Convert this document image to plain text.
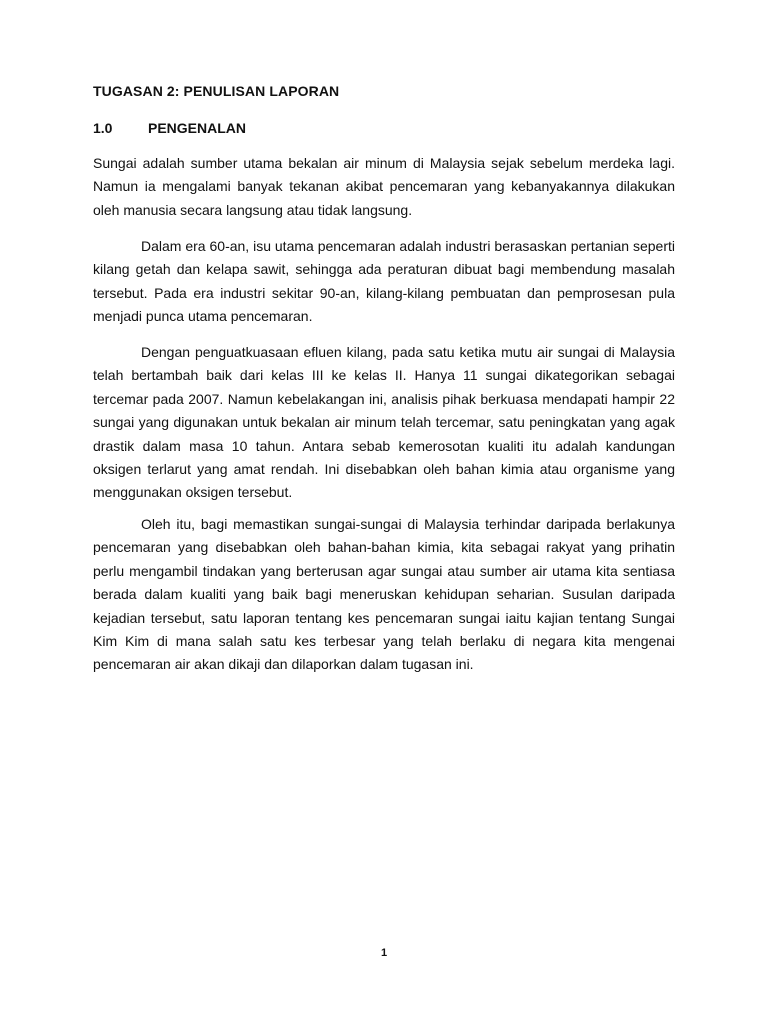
TUGASAN 2: PENULISAN LAPORAN
1.0	PENGENALAN

Sungai adalah sumber utama bekalan air minum di Malaysia sejak sebelum merdeka lagi. Namun ia mengalami banyak tekanan akibat pencemaran yang kebanyakannya dilakukan oleh manusia secara langsung atau tidak langsung.

Dalam era 60-an, isu utama pencemaran adalah industri berasaskan pertanian seperti kilang getah dan kelapa sawit, sehingga ada peraturan dibuat bagi membendung masalah tersebut. Pada era industri sekitar 90-an, kilang-kilang pembuatan dan pemprosesan pula menjadi punca utama pencemaran.

Dengan penguatkuasaan efluen kilang, pada satu ketika mutu air sungai di Malaysia telah bertambah baik dari kelas III ke kelas II. Hanya 11 sungai dikategorikan sebagai tercemar pada 2007. Namun kebelakangan ini, analisis pihak berkuasa mendapati hampir 22 sungai yang digunakan untuk bekalan air minum telah tercemar, satu peningkatan yang agak drastik dalam masa 10 tahun. Antara sebab kemerosotan kualiti itu adalah kandungan oksigen terlarut yang amat rendah. Ini disebabkan oleh bahan kimia atau organisme yang menggunakan oksigen tersebut.

Oleh itu, bagi memastikan sungai-sungai di Malaysia terhindar daripada berlakunya pencemaran yang disebabkan oleh bahan-bahan kimia, kita sebagai rakyat yang prihatin perlu mengambil tindakan yang berterusan agar sungai atau sumber air utama kita sentiasa berada dalam kualiti yang baik bagi meneruskan kehidupan seharian. Susulan daripada kejadian tersebut, satu laporan tentang kes pencemaran sungai iaitu kajian tentang Sungai Kim Kim di mana salah satu kes terbesar yang telah berlaku di negara kita mengenai pencemaran air akan dikaji dan dilaporkan dalam tugasan ini.

1
